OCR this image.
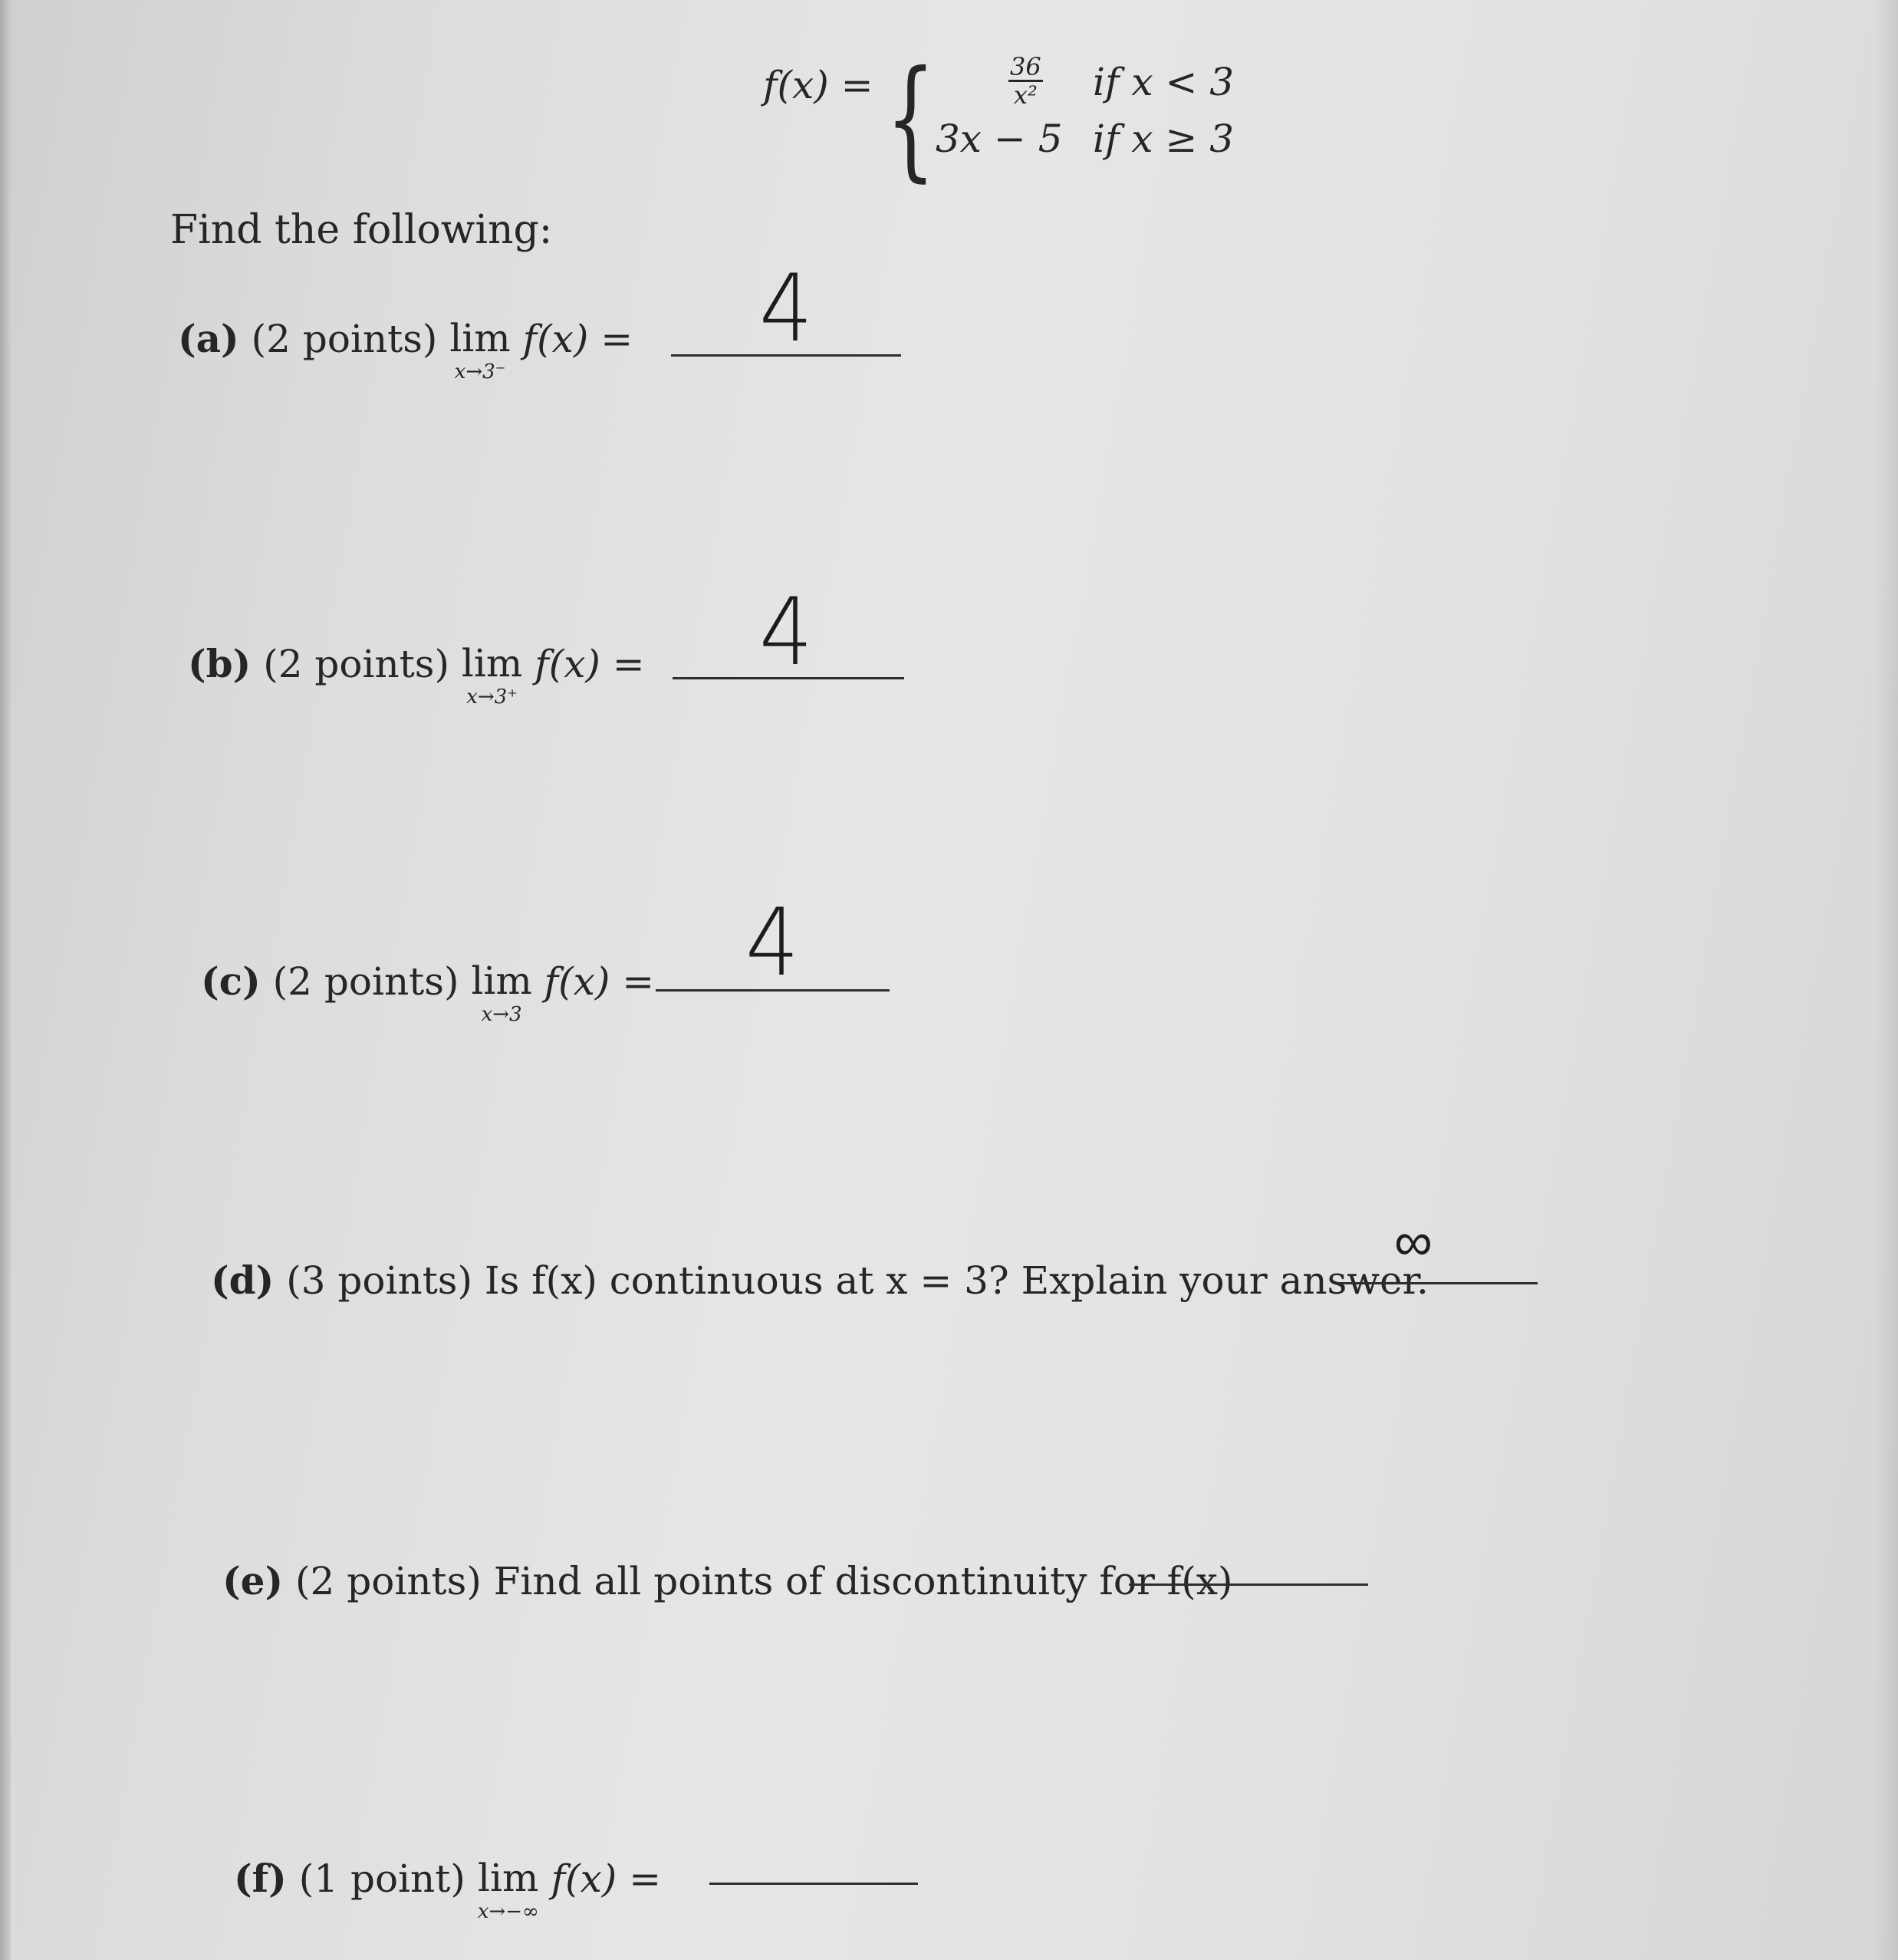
f(x) = {	$\frac{36}{\text{x²}}$ if x < 3
3x − 5 if x ≥ 3
Find the following:
(a) (2 points) lim
x→3⁻
f(x) = 4
(b) (2 points) lim
x→3⁺
f(x) = 4
(c) (2 points) lim
x→3
f(x) = 4
(d) (3 points) Is f(x) continuous at x = 3? Explain your answer.
∞
(e) (2 points) Find all points of discontinuity for f(x)
(f) (1 point) lim
x→−∞
f(x) =
